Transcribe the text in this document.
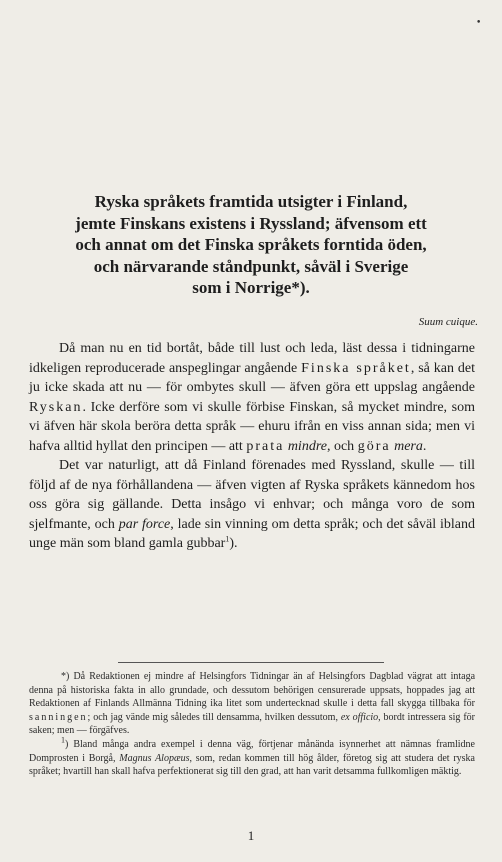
•
Ryska språkets framtida utsigter i Finland,
jemte Finskans existens i Ryssland; äfvensom ett
och annat om det Finska språkets forntida öden,
och närvarande ståndpunkt, såväl i Sverige
som i Norrige*).
Suum cuique.

Då man nu en tid bortåt, både till lust och leda, läst dessa i tidningarne idkeligen reproducerade anspeglingar angående Finska språket, så kan det ju icke skada att nu — för ombytes skull — äfven göra ett uppslag angående Ryskan. Icke derföre som vi skulle förbise Finskan, så mycket mindre, som vi äfven här skola beröra detta språk — ehuru ifrån en viss annan sida; men vi hafva alltid hyllat den principen — att prata mindre, och göra mera.

Det var naturligt, att då Finland förenades med Ryssland, skulle — till följd af de nya förhållandena — äfven vigten af Ryska språkets kännedom hos oss göra sig gällande. Detta insågo vi enhvar; och många voro de som sjelfmante, och par force, lade sin vinning om detta språk; och det såväl ibland unge män som bland gamla gubbar$^1$).

*) Då Redaktionen ej mindre af Helsingfors Tidningar än af Helsingfors Dagblad vägrat att intaga denna på historiska fakta in allo grundade, och dessutom behörigen censurerade uppsats, hoppades jag att Redaktionen af Finlands Allmänna Tidning ika litet som undertecknad skulle i detta fall skygga tillbaka för sanningen; och jag vände mig således till densamma, hvilken dessutom, ex officio, bordt intressera sig för saken; men — förgäfves.

$^1$) Bland många andra exempel i denna väg, förtjenar månända isynnerhet att nämnas framlidne Domprosten i Borgå, Magnus Alopæus, som, redan kommen till hög ålder, företog sig att studera det ryska språket; hvartill han skall hafva perfektionerat sig till den grad, att han varit detsamma fullkomligen mäktig.

1
